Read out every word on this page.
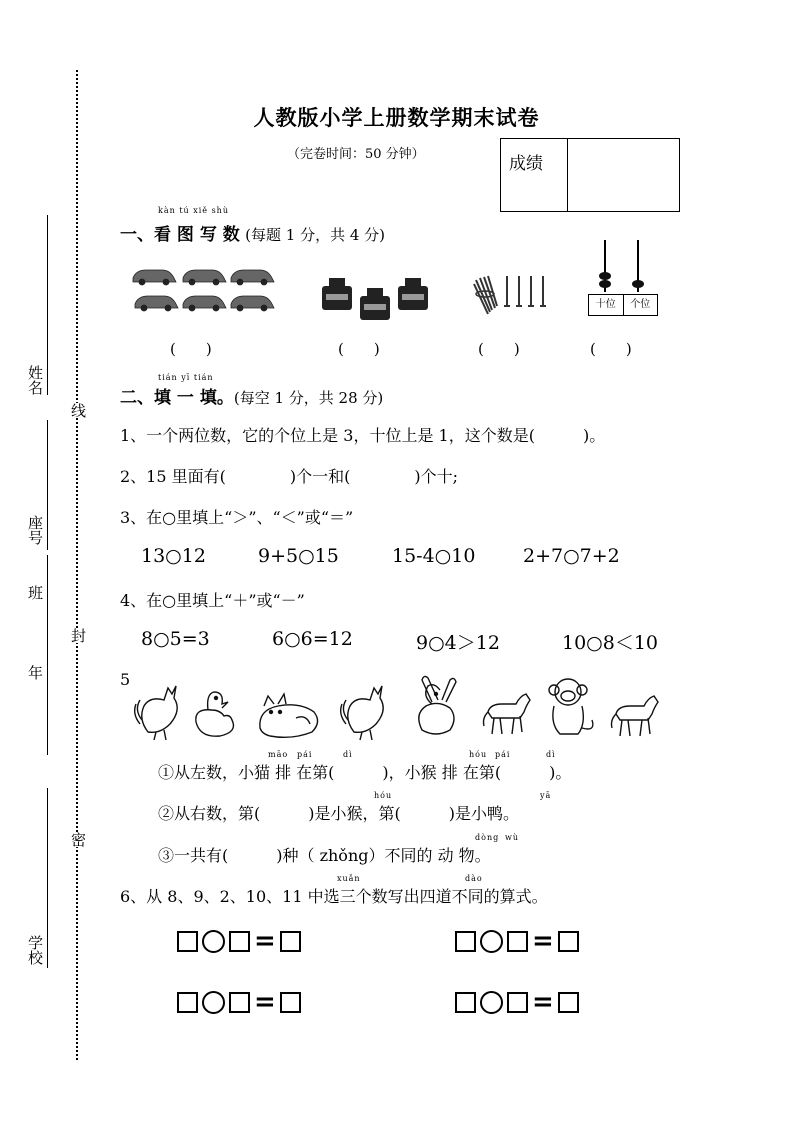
人教版小学上册数学期末试卷
（完卷时间：50 分钟）	成绩
姓名
座号
班
年
学校
线
封
密
kàn tú xiě shù
一、看 图 写 数 (每题 1 分，共 4 分)
十位	个位
(　　)	(　　)	(　　)	(　　)
tián yī tián
二、填 一 填。(每空 1 分，共 28 分)
1、一个两位数，它的个位上是 3，十位上是 1，这个数是(　　　)。
2、15 里面有(　　　　)个一和(　　　　)个十;
3、在○里填上“＞”、“＜”或“＝”
13○12	9+5○15	15-4○10	2+7○7+2
4、在○里填上“＋”或“－”
8○5=3	6○6=12	9○4＞12	10○8＜10
5
māo pái	dì	hóu pái	dì
①从左数，小猫 排 在第(　　　)，小猴 排 在第(　　　)。
hóu	yā
②从右数，第(　　　)是小猴，第(　　　)是小鸭。
dòng wù
③一共有(　　　)种（ zhǒng）不同的 动 物。
xuǎn	dào
6、从 8、9、2、10、11 中选三个数写出四道不同的算式。
=	=
=	=
